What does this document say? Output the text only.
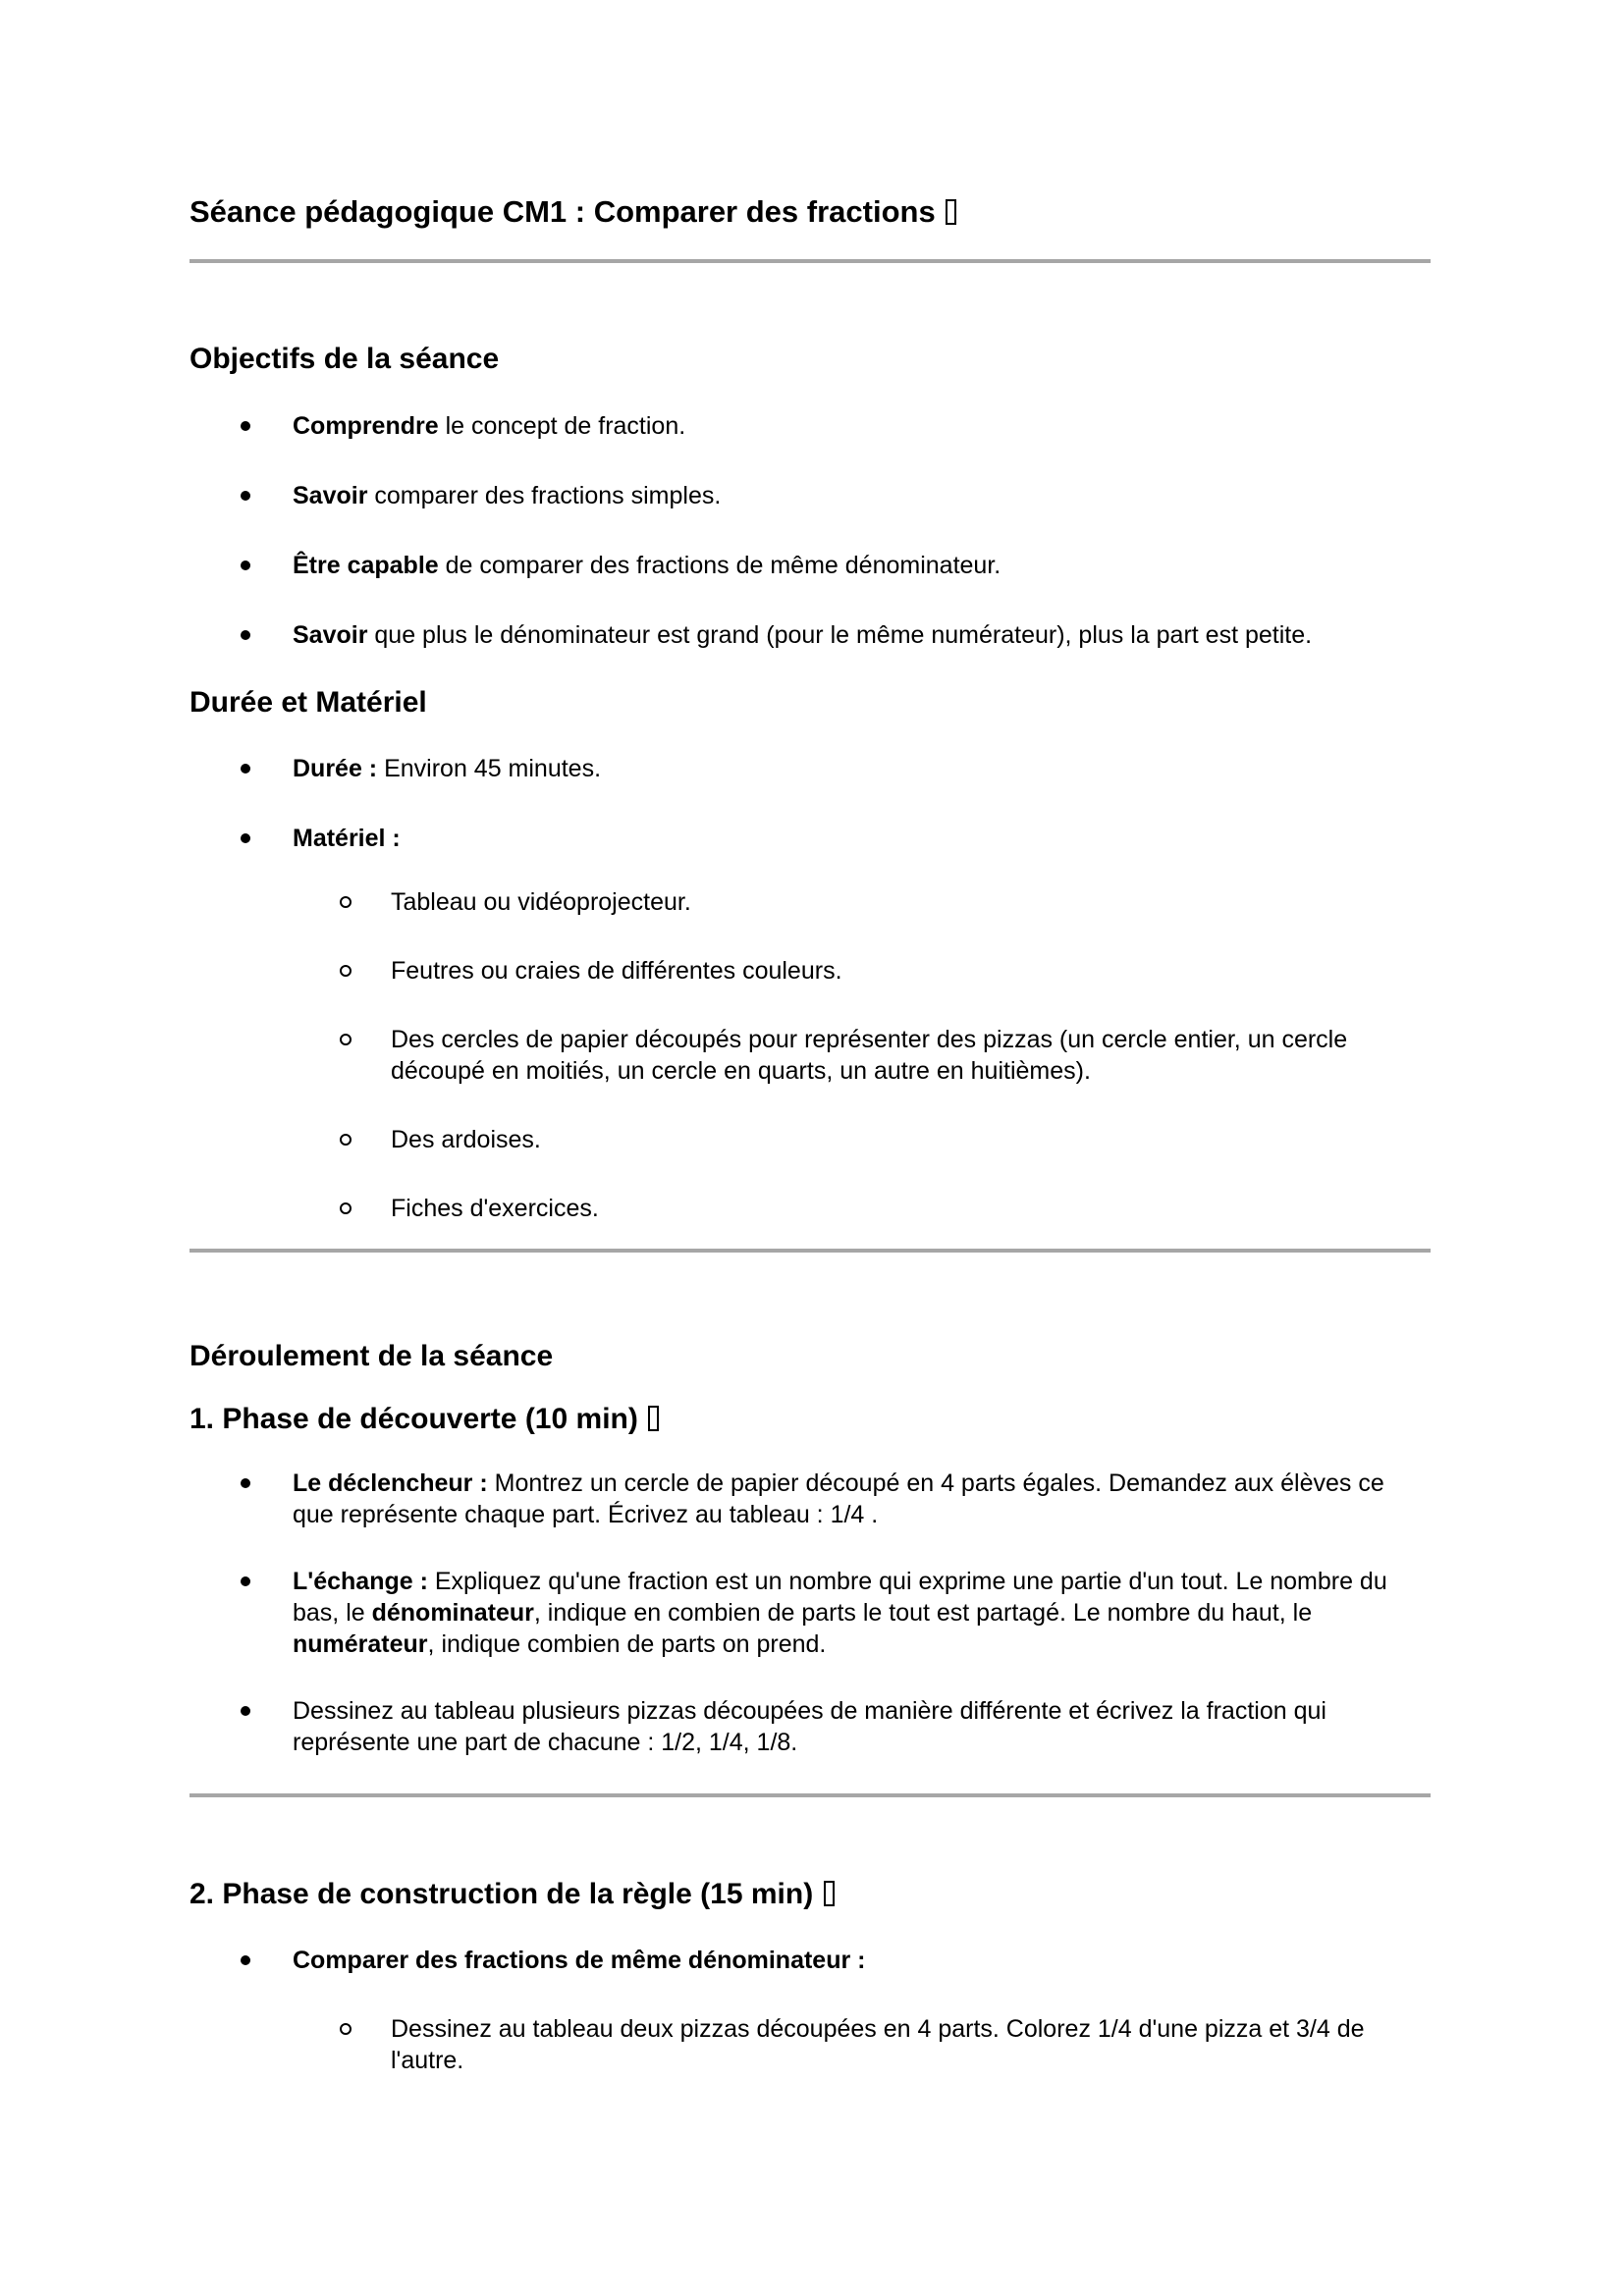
Séance pédagogique CM1 : Comparer des fractions
Objectifs de la séance
Comprendre le concept de fraction.
Savoir comparer des fractions simples.
Être capable de comparer des fractions de même dénominateur.
Savoir que plus le dénominateur est grand (pour le même numérateur), plus la part est petite.
Durée et Matériel
Durée : Environ 45 minutes.
Matériel :
Tableau ou vidéoprojecteur.
Feutres ou craies de différentes couleurs.
Des cercles de papier découpés pour représenter des pizzas (un cercle entier, un cercle découpé en moitiés, un cercle en quarts, un autre en huitièmes).
Des ardoises.
Fiches d'exercices.
Déroulement de la séance
1. Phase de découverte (10 min)
Le déclencheur : Montrez un cercle de papier découpé en 4 parts égales. Demandez aux élèves ce que représente chaque part. Écrivez au tableau : 1/4 .
L'échange : Expliquez qu'une fraction est un nombre qui exprime une partie d'un tout. Le nombre du bas, le dénominateur, indique en combien de parts le tout est partagé. Le nombre du haut, le numérateur, indique combien de parts on prend.
Dessinez au tableau plusieurs pizzas découpées de manière différente et écrivez la fraction qui représente une part de chacune : 1/2, 1/4, 1/8.
2. Phase de construction de la règle (15 min)
Comparer des fractions de même dénominateur :
Dessinez au tableau deux pizzas découpées en 4 parts. Colorez 1/4 d'une pizza et 3/4 de l'autre.
